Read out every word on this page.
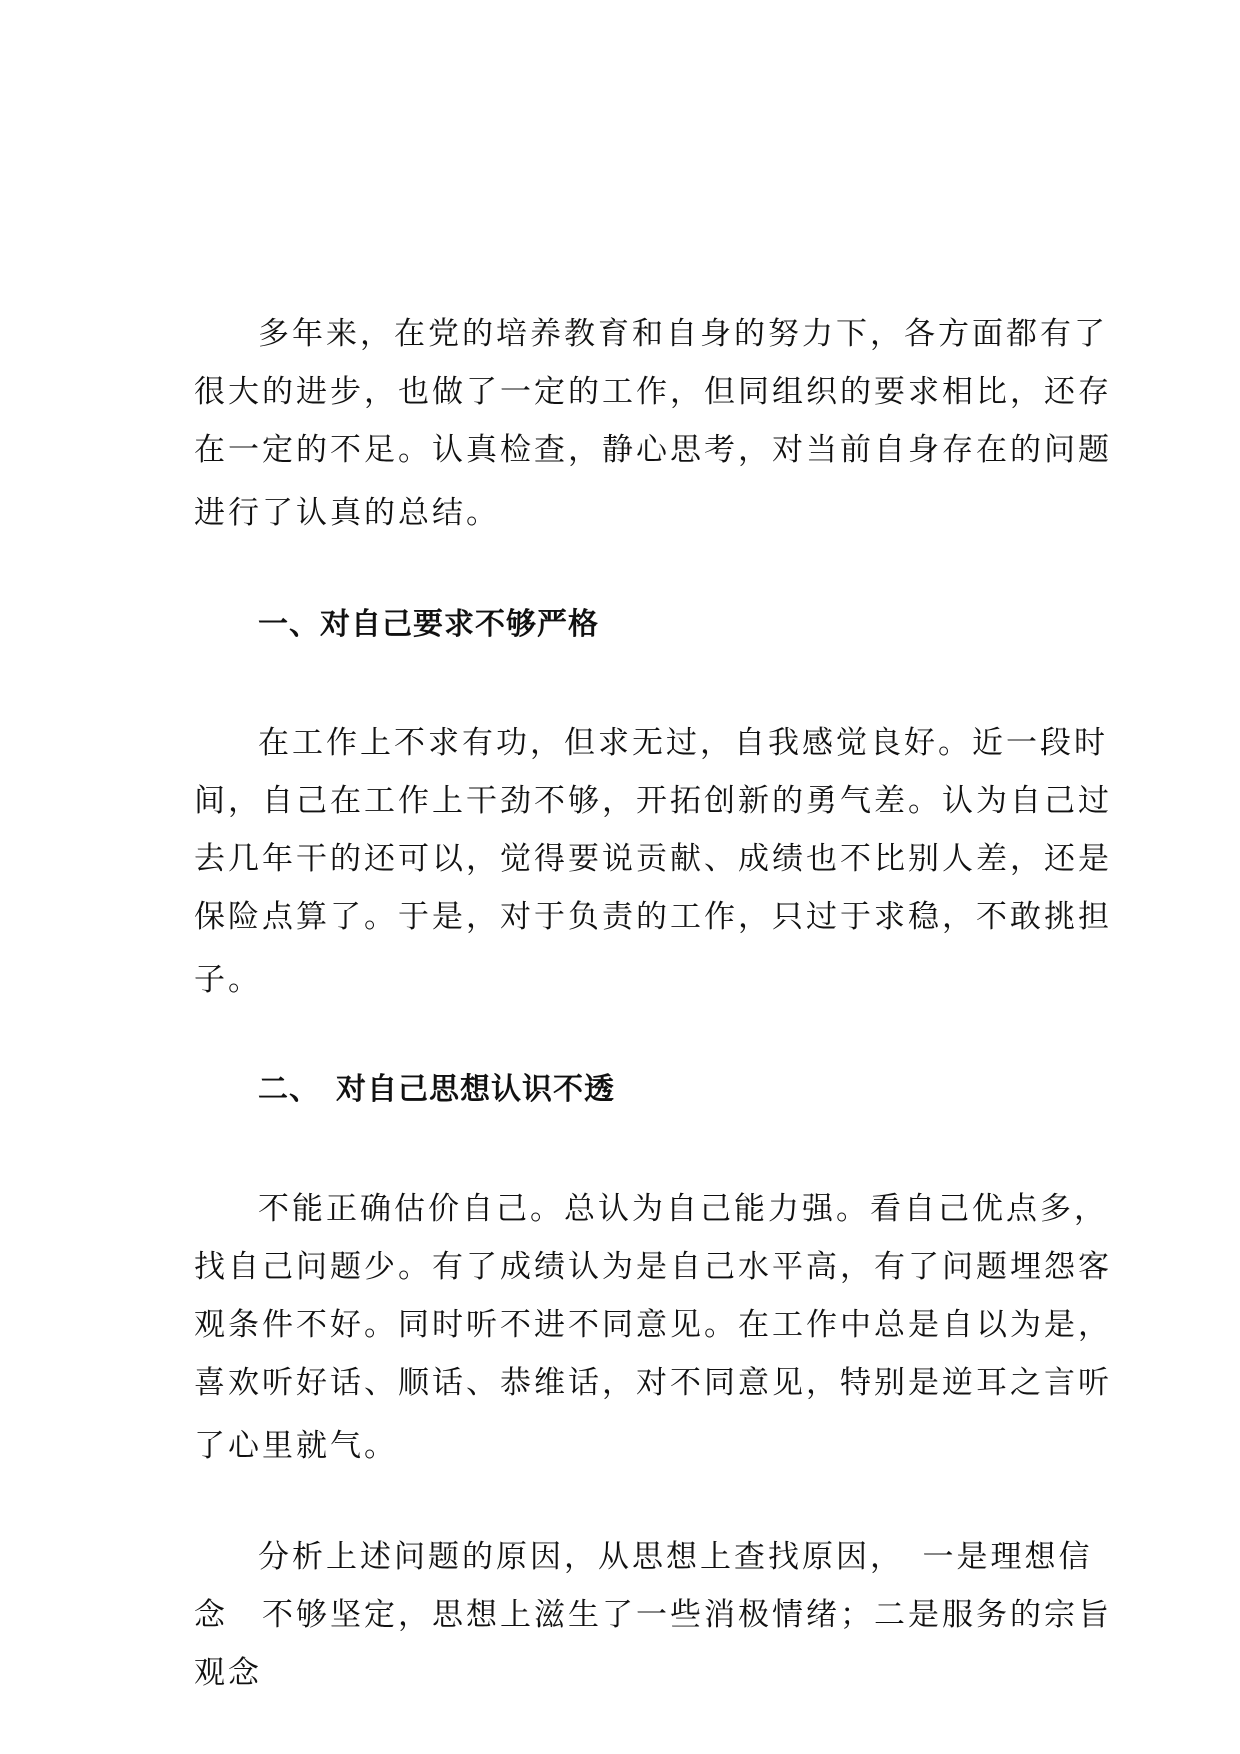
多年来，在党的培养教育和自身的努力下，各方面都有了
很大的进步，也做了一定的工作，但同组织的要求相比，还存
在一定的不足。认真检查，静心思考，对当前自身存在的问题
进行了认真的总结。
一、对自己要求不够严格
在工作上不求有功，但求无过，自我感觉良好。近一段时
间，自己在工作上干劲不够，开拓创新的勇气差。认为自己过
去几年干的还可以，觉得要说贡献、成绩也不比别人差，还是
保险点算了。于是，对于负责的工作，只过于求稳，不敢挑担
子。
二、　对自己思想认识不透
不能正确估价自己。总认为自己能力强。看自己优点多，
找自己问题少。有了成绩认为是自己水平高，有了问题埋怨客
观条件不好。同时听不进不同意见。在工作中总是自以为是，
喜欢听好话、顺话、恭维话，对不同意见，特别是逆耳之言听
了心里就气。
分析上述问题的原因，从思想上查找原因，　一是理想信
念　不够坚定，思想上滋生了一些消极情绪；二是服务的宗旨
观念
